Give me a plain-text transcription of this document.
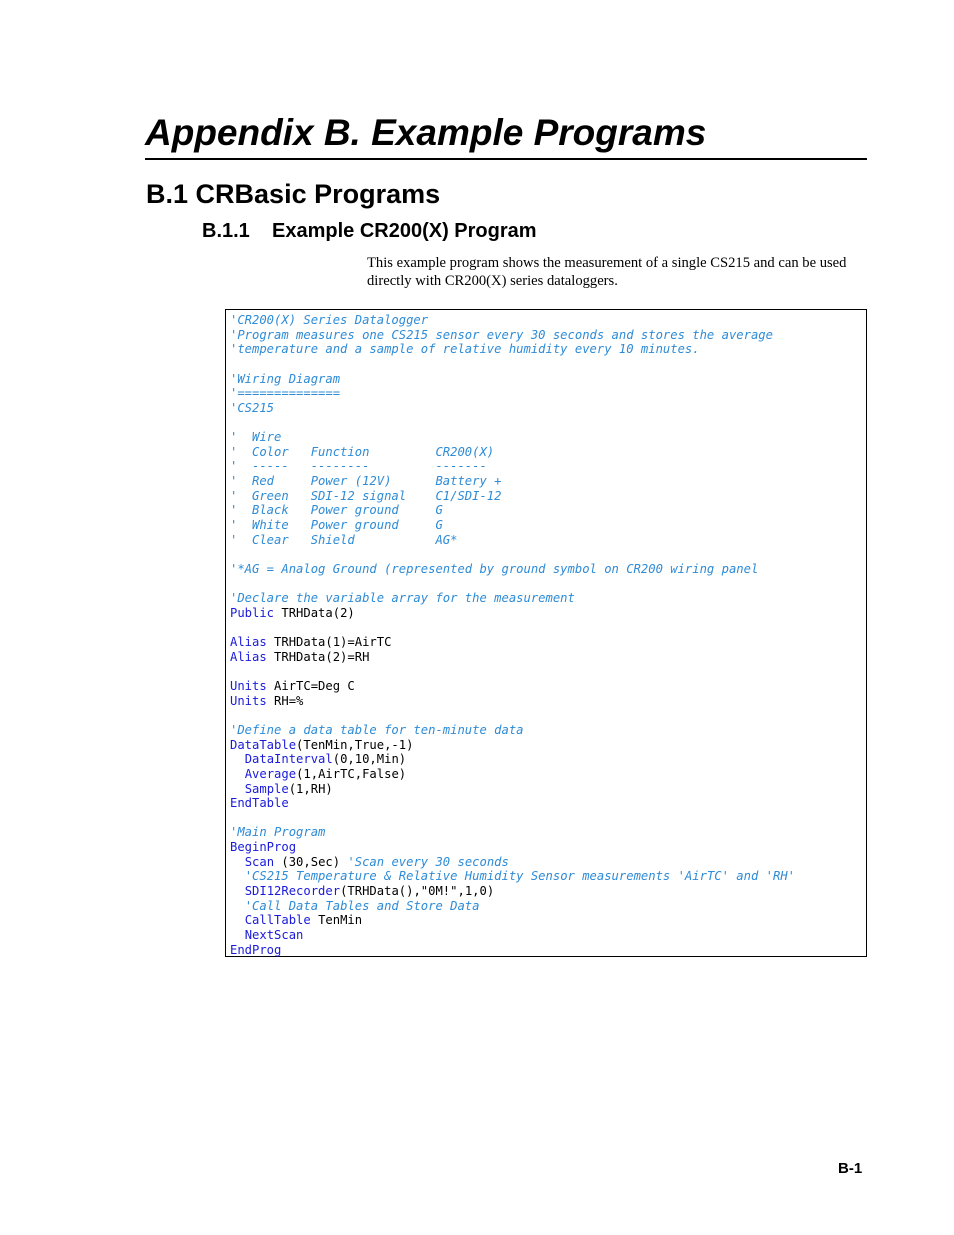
Appendix B. Example Programs
B.1 CRBasic Programs
B.1.1 Example CR200(X) Program

This example program shows the measurement of a single CS215 and can be used directly with CR200(X) series dataloggers.

'CR200(X) Series Datalogger
'Program measures one CS215 sensor every 30 seconds and stores the average
'temperature and a sample of relative humidity every 10 minutes.
'Wiring Diagram
'==============
'CS215
'  Wire
'  Color   Function         CR200(X)
'  -----   --------         -------
'  Red     Power (12V)      Battery +
'  Green   SDI-12 signal    C1/SDI-12
'  Black   Power ground     G
'  White   Power ground     G
'  Clear   Shield           AG*
'*AG = Analog Ground (represented by ground symbol on CR200 wiring panel
'Declare the variable array for the measurement
Public TRHData(2)
Alias TRHData(1)=AirTC
Alias TRHData(2)=RH
Units AirTC=Deg C
Units RH=%
'Define a data table for ten-minute data
DataTable(TenMin,True,-1)
DataInterval(0,10,Min)
Average(1,AirTC,False)
Sample(1,RH)
EndTable
'Main Program
BeginProg
Scan (30,Sec) 'Scan every 30 seconds
'CS215 Temperature & Relative Humidity Sensor measurements 'AirTC' and 'RH'
SDI12Recorder(TRHData(),"0M!",1,0)
'Call Data Tables and Store Data
CallTable TenMin
NextScan
EndProg

B-1
